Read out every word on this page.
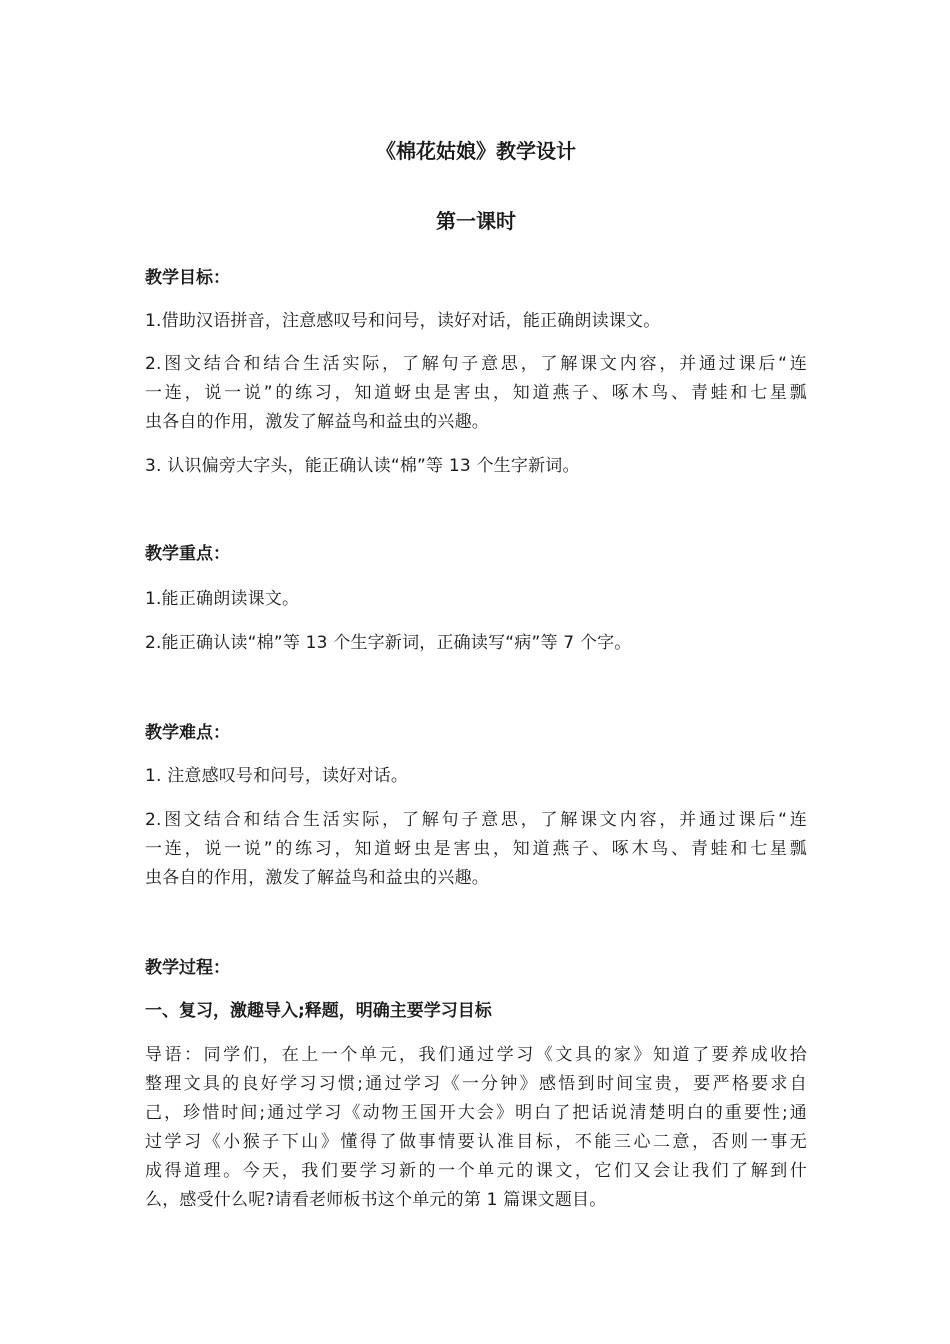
《棉花姑娘》教学设计
第一课时
教学目标：
1.借助汉语拼音，注意感叹号和问号，读好对话，能正确朗读课文。
2.图文结合和结合生活实际，了解句子意思，了解课文内容，并通过课后“连
一连，说一说”的练习，知道蚜虫是害虫，知道燕子、啄木鸟、青蛙和七星瓢
虫各自的作用，激发了解益鸟和益虫的兴趣。
3. 认识偏旁大字头，能正确认读“棉”等 13 个生字新词。
教学重点：
1.能正确朗读课文。
2.能正确认读“棉”等 13 个生字新词，正确读写“病”等 7 个字。
教学难点：
1. 注意感叹号和问号，读好对话。
2.图文结合和结合生活实际，了解句子意思，了解课文内容，并通过课后“连
一连，说一说”的练习，知道蚜虫是害虫，知道燕子、啄木鸟、青蛙和七星瓢
虫各自的作用，激发了解益鸟和益虫的兴趣。
教学过程：
一、复习，激趣导入;释题，明确主要学习目标
导语：同学们，在上一个单元，我们通过学习《文具的家》知道了要养成收拾
整理文具的良好学习习惯;通过学习《一分钟》感悟到时间宝贵，要严格要求自
己，珍惜时间;通过学习《动物王国开大会》明白了把话说清楚明白的重要性;通
过学习《小猴子下山》懂得了做事情要认准目标，不能三心二意，否则一事无
成得道理。今天，我们要学习新的一个单元的课文，它们又会让我们了解到什
么，感受什么呢?请看老师板书这个单元的第 1 篇课文题目。
